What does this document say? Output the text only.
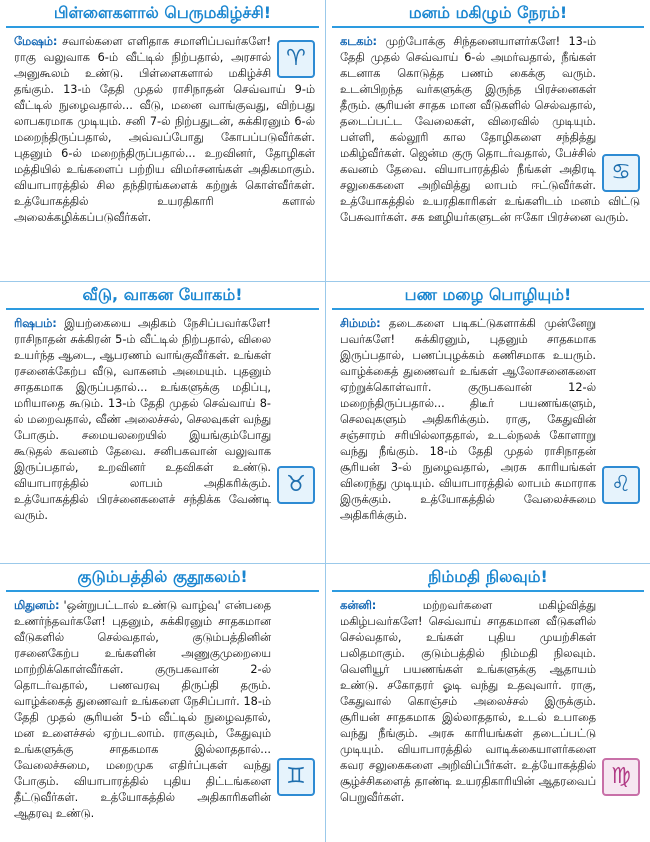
பிள்ளைகளால் பெருமகிழ்ச்சி!
♈
மேஷம்: சவால்களை எளிதாக சமாளிப்பவர்களே! ராகு வலுவாக 6-ம் வீட்டில் நிற்பதால், அரசால் அனுகூலம் உண்டு. பிள்ளைகளால் மகிழ்ச்சி தங்கும். 13-ம் தேதி முதல் ராசிநாதன் செவ்வாய் 9-ம் வீட்டில் நுழைவதால்... வீடு, மனை வாங்குவது, விற்பது லாபகரமாக முடியும். சனி 7-ல் நிற்பதுடன், சுக்கிரனும் 6-ல் மறைந்திருப்பதால், அவ்வப்போது கோபப்படுவீர்கள். புதனும் 6-ல் மறைந்திருப்பதால்... உறவினர், தோழிகள் மத்தியில் உங்களைப் பற்றிய விமர்சனங்கள் அதிகமாகும். வியாபாரத்தில் சில தந்திரங்களைக் கற்றுக் கொள்வீர்கள். உத்யோகத்தில் உயரதிகாரி களால் அலைக்கழிக்கப்படுவீர்கள்.
மனம் மகிழும் நேரம்!
♋
கடகம்: முற்போக்கு சிந்தனையாளர்களே! 13-ம் தேதி முதல் செவ்வாய் 6-ல் அமர்வதால், நீங்கள் கடனாக கொடுத்த பணம் கைக்கு வரும். உடன்பிறந்த வர்களுக்கு இருந்த பிரச்னைகள் தீரும். சூரியன் சாதக மான வீடுகளில் செல்வதால், தடைப்பட்ட வேலைகள், விரைவில் முடியும். பள்ளி, கல்லூரி கால தோழிகளை சந்தித்து மகிழ்வீர்கள். ஜென்ம குரு தொடர்வதால், பேச்சில் கவனம் தேவை. வியாபாரத்தில் நீங்கள் அதிரடி சலுகைகளை அறிவித்து லாபம் ஈட்டுவீர்கள். உத்யோகத்தில் உயரதிகாரிகள் உங்களிடம் மனம் விட்டு பேசுவார்கள். சக ஊழியர்களுடன் ஈகோ பிரச்னை வரும்.
வீடு, வாகன யோகம்!
♉
ரிஷபம்: இயற்கையை அதிகம் நேசிப்பவர்களே! ராசிநாதன் சுக்கிரன் 5-ம் வீட்டில் நிற்பதால், விலை உயர்ந்த ஆடை, ஆபரணம் வாங்குவீர்கள். உங்கள் ரசனைக்கேற்ப வீடு, வாகனம் அமையும். புதனும் சாதகமாக இருப்பதால்... உங்களுக்கு மதிப்பு, மரியாதை கூடும். 13-ம் தேதி முதல் செவ்வாய் 8-ல் மறைவதால், வீண் அலைச்சல், செலவுகள் வந்து போகும். சமையலறையில் இயங்கும்போது கூடுதல் கவனம் தேவை. சனிபகவான் வலுவாக இருப்பதால், உறவினர் உதவிகள் உண்டு. வியாபாரத்தில் லாபம் அதிகரிக்கும். உத்யோகத்தில் பிரச்னைகளைச் சந்திக்க வேண்டி வரும்.
பண மழை பொழியும்!
♌
சிம்மம்: தடைகளை படிகட்டுகளாக்கி முன்னேறு பவர்களே! சுக்கிரனும், புதனும் சாதகமாக இருப்பதால், பணப்புழக்கம் கணிசமாக உயரும். வாழ்க்கைத் துணைவர் உங்கள் ஆலோசனைகளை ஏற்றுக்கொள்வார். குருபகவான் 12-ல் மறைந்திருப்பதால்... திடீர் பயணங்களும், செலவுகளும் அதிகரிக்கும். ராகு, கேதுவின் சஞ்சாரம் சரியில்லாததால், உடல்நலக் கோளாறு வந்து நீங்கும். 18-ம் தேதி முதல் ராசிநாதன் சூரியன் 3-ல் நுழைவதால், அரசு காரியங்கள் விரைந்து முடியும். வியாபாரத்தில் லாபம் சுமாராக இருக்கும். உத்யோகத்தில் வேலைச்சுமை அதிகரிக்கும்.
குடும்பத்தில் குதூகலம்!
♊
மிதுனம்: 'ஒன்றுபட்டால் உண்டு வாழ்வு' என்பதை உணர்ந்தவர்களே! புதனும், சுக்கிரனும் சாதகமான வீடுகளில் செல்வதால், குடும்பத்தினின் ரசனைகேற்ப உங்களின் அணுகுமுறையை மாற்றிக்கொள்வீர்கள். குருபகவான் 2-ல் தொடர்வதால், பணவரவு திருப்தி தரும். வாழ்க்கைத் துணைவர் உங்களை நேசிப்பார். 18-ம் தேதி முதல் சூரியன் 5-ம் வீட்டில் நுழைவதால், மன உளைச்சல் ஏற்படலாம். ராகுவும், கேதுவும் உங்களுக்கு சாதகமாக இல்லாததால்... வேலைச்சுமை, மறைமுக எதிர்ப்புகள் வந்து போகும். வியாபாரத்தில் புதிய திட்டங்களை தீட்டுவீர்கள். உத்யோகத்தில் அதிகாரிகளின் ஆதரவு உண்டு.
நிம்மதி நிலவும்!
♍
கன்னி:	மற்றவர்களை மகிழ்வித்து மகிழ்பவர்களே! செவ்வாய் சாதகமான வீடுகளில் செல்வதால், உங்கள் புதிய முயற்சிகள் பலிதமாகும். குடும்பத்தில் நிம்மதி நிலவும். வெளியூர் பயணங்கள் உங்களுக்கு ஆதாயம் உண்டு. சகோதரர் ஓடி வந்து உதவுவார். ராகு, கேதுவால் கொஞ்சம் அலைச்சல் இருக்கும். சூரியன் சாதகமாக இல்லாததால், உடல் உபாதை வந்து நீங்கும். அரசு காரியங்கள் தடைப்பட்டு முடியும். வியாபாரத்தில் வாடிக்கையாளர்களை கவர சலுகைகளை அறிவிப்பீர்கள். உத்யோகத்தில் சூழ்ச்சிகளைத் தாண்டி உயரதிகாரியின் ஆதரவைப் பெறுவீர்கள்.
